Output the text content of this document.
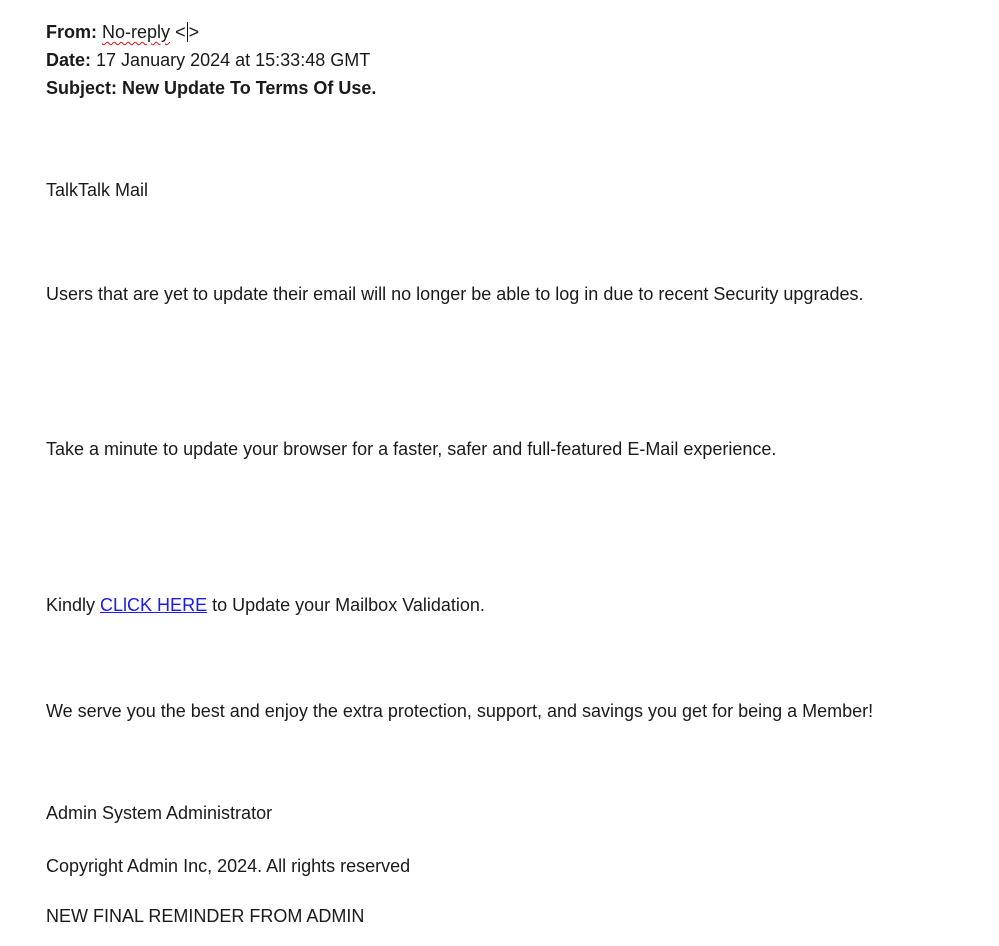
From: No-reply < >
Date: 17 January 2024 at 15:33:48 GMT
Subject: New Update To Terms Of Use.
TalkTalk Mail
Users that are yet to update their email will no longer be able to log in due to recent Security upgrades.
Take a minute to update your browser for a faster, safer and full-featured E-Mail experience.
Kindly CLlCK HERE to Update your Mailbox Validation.
We serve you the best and enjoy the extra protection, support, and savings you get for being a Member!
Admin System Administrator
Copyright Admin Inc, 2024. All rights reserved
NEW FINAL REMINDER FROM ADMIN
